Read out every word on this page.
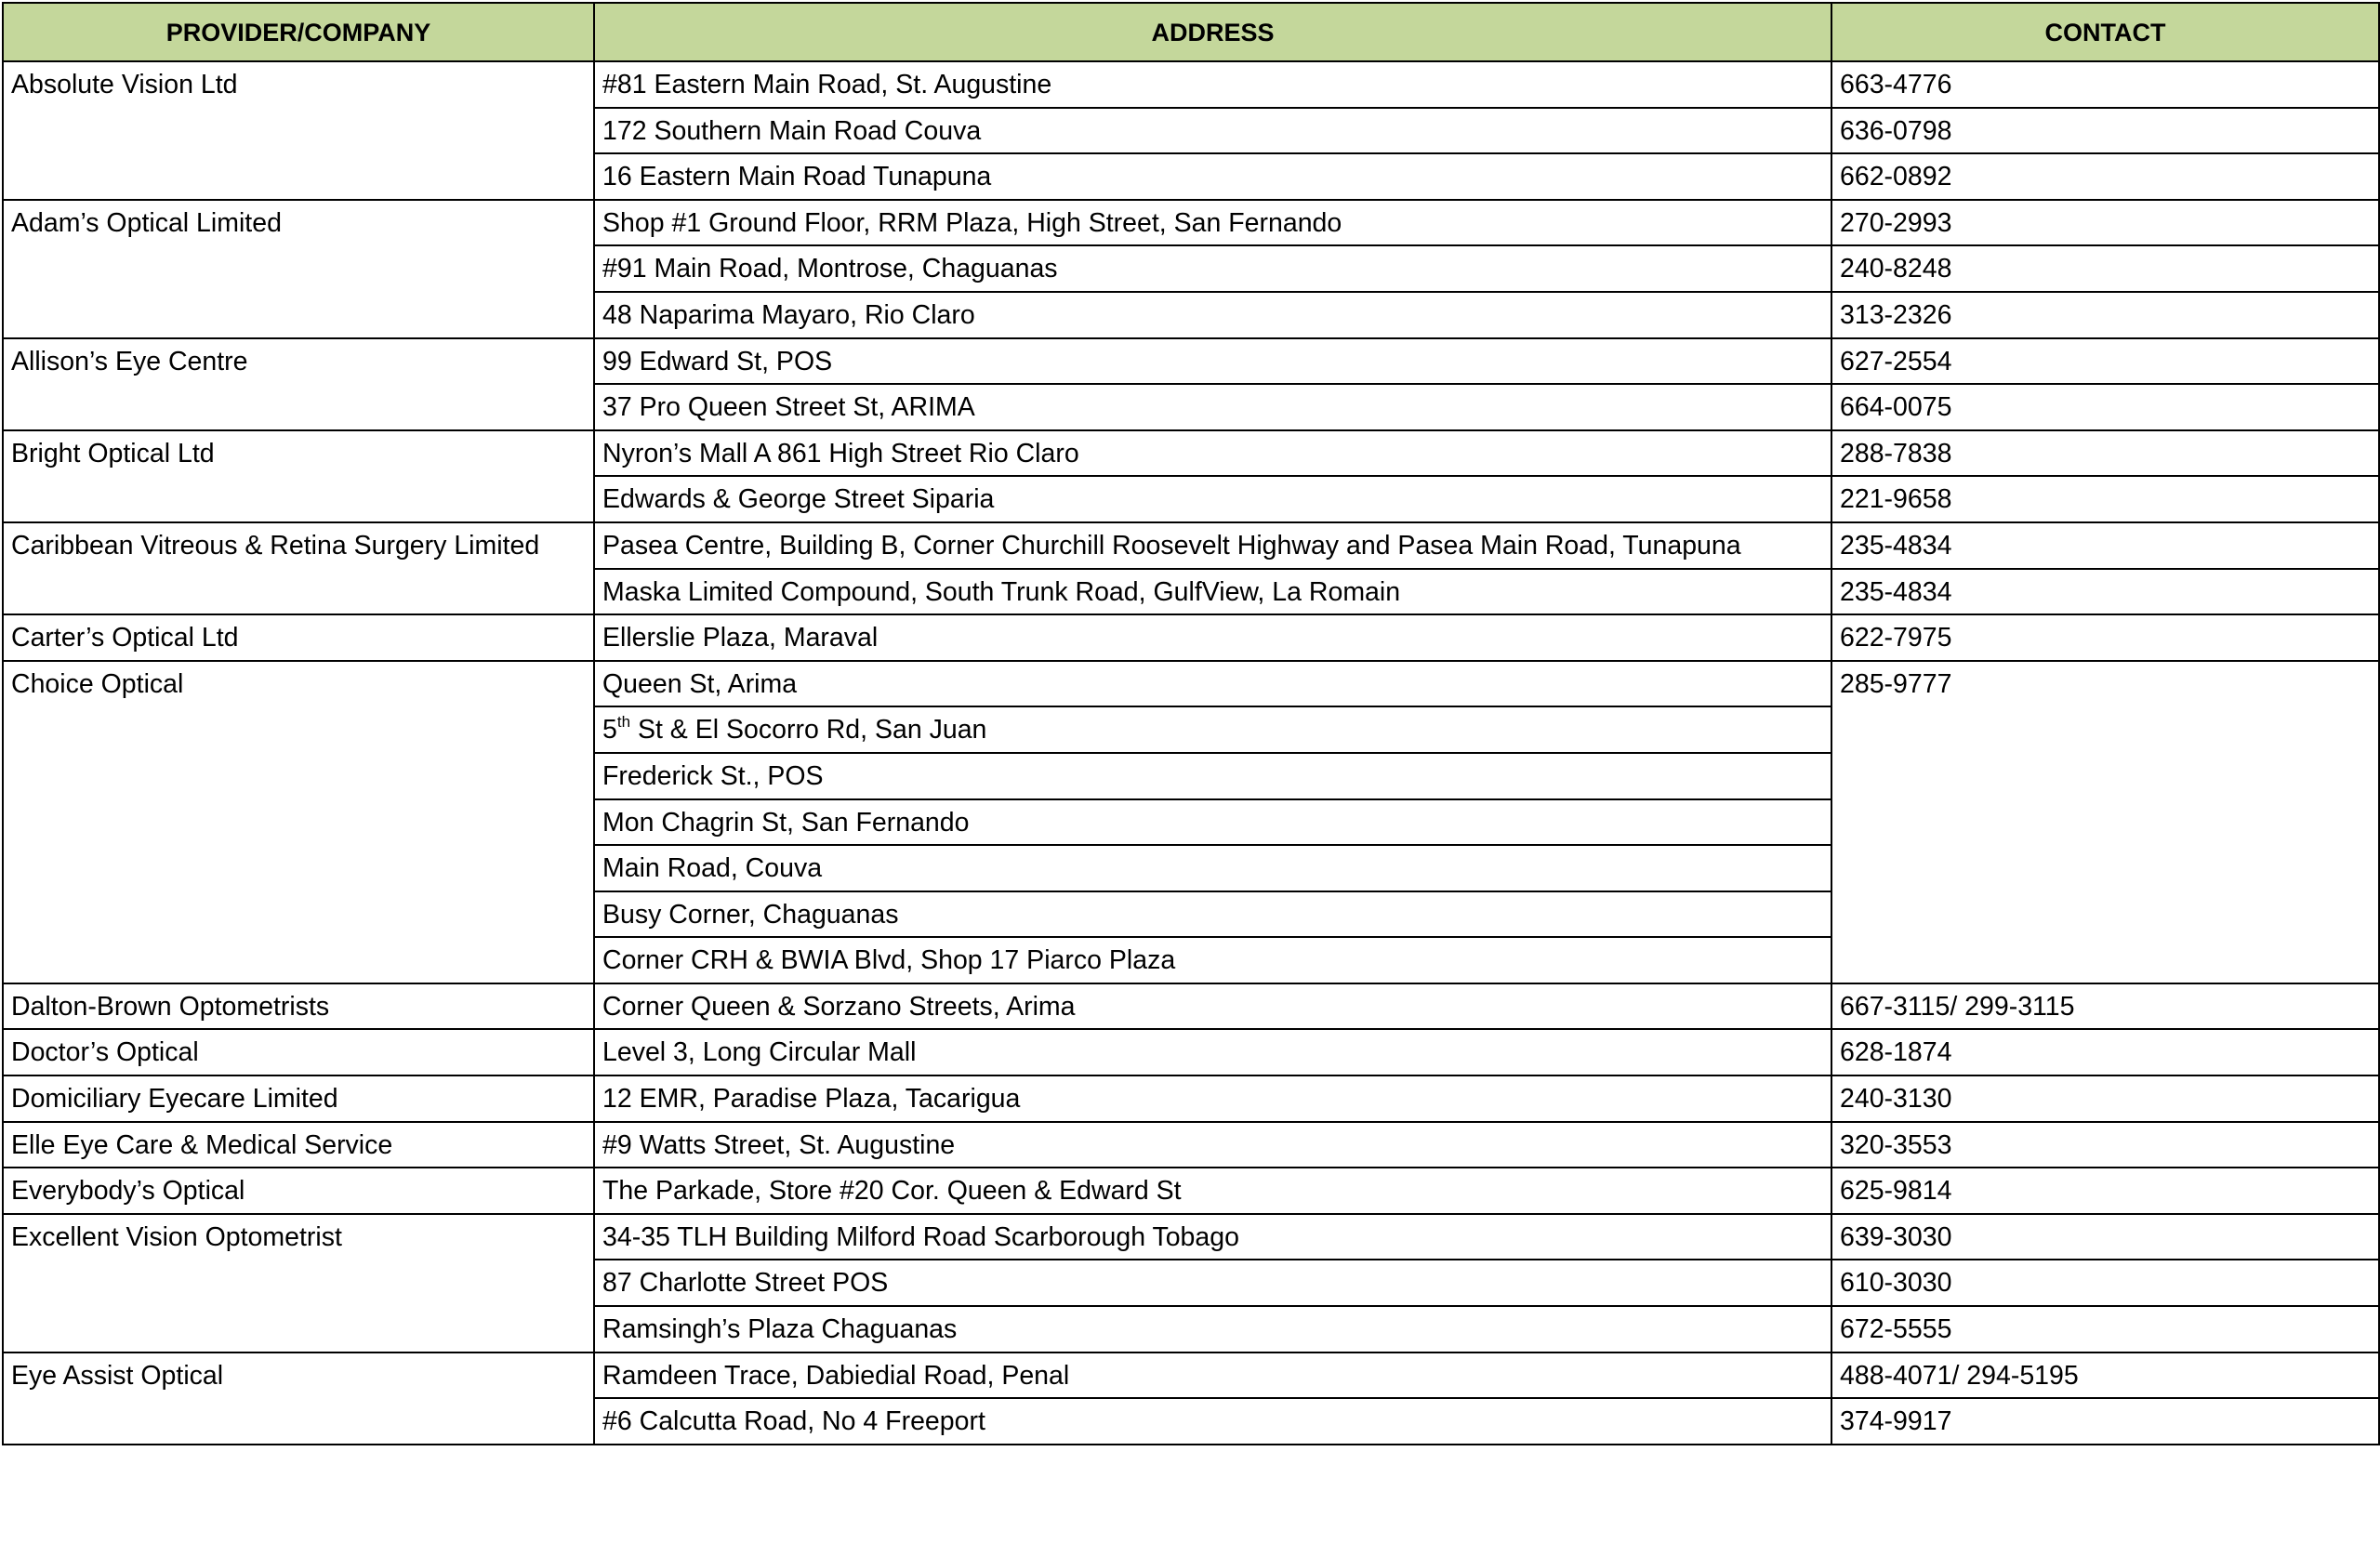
PROVIDER/COMPANY	ADDRESS	CONTACT
Absolute Vision Ltd	#81 Eastern Main Road, St. Augustine	663-4776
	172 Southern Main Road Couva	636-0798
	16 Eastern Main Road Tunapuna	662-0892
Adam’s Optical Limited	Shop #1 Ground Floor, RRM Plaza, High Street, San Fernando	270-2993
	#91 Main Road, Montrose, Chaguanas	240-8248
	48 Naparima Mayaro, Rio Claro	313-2326
Allison’s Eye Centre	99 Edward St, POS	627-2554
	37 Pro Queen Street St, ARIMA	664-0075
Bright Optical Ltd	Nyron’s Mall A 861 High Street Rio Claro	288-7838
	Edwards & George Street Siparia	221-9658
Caribbean Vitreous & Retina Surgery Limited	Pasea Centre, Building B, Corner Churchill Roosevelt Highway and Pasea Main Road, Tunapuna	235-4834
	Maska Limited Compound, South Trunk Road, GulfView, La Romain	235-4834
Carter’s Optical Ltd	Ellerslie Plaza, Maraval	622-7975
Choice Optical	Queen St, Arima	285-9777
	5th St & El Socorro Rd, San Juan	
	Frederick St., POS	
	Mon Chagrin St, San Fernando	
	Main Road, Couva	
	Busy Corner, Chaguanas	
	Corner CRH & BWIA Blvd, Shop 17 Piarco Plaza	
Dalton-Brown Optometrists	Corner Queen & Sorzano Streets, Arima	667-3115/ 299-3115
Doctor’s Optical	Level 3, Long Circular Mall	628-1874
Domiciliary Eyecare Limited	12 EMR, Paradise Plaza, Tacarigua	240-3130
Elle Eye Care & Medical Service	#9 Watts Street, St. Augustine	320-3553
Everybody’s Optical	The Parkade, Store #20 Cor. Queen & Edward St	625-9814
Excellent Vision Optometrist	34-35 TLH Building Milford Road Scarborough Tobago	639-3030
	87 Charlotte Street POS	610-3030
	Ramsingh’s Plaza Chaguanas	672-5555
Eye Assist Optical	Ramdeen Trace, Dabiedial Road, Penal	488-4071/ 294-5195
	#6 Calcutta Road, No 4 Freeport	374-9917
